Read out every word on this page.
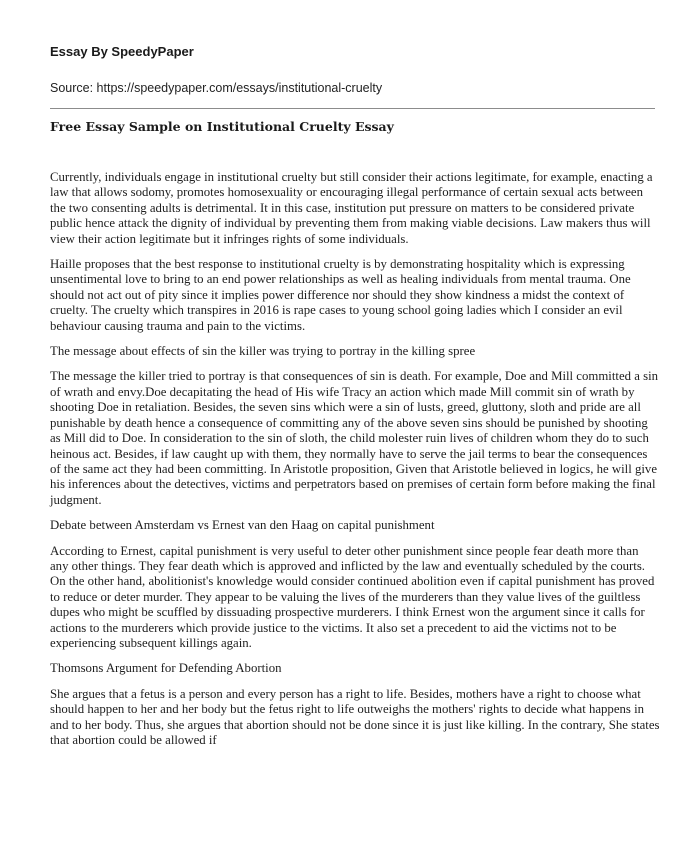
Essay By SpeedyPaper

Source: https://speedypaper.com/essays/institutional-cruelty

Free Essay Sample on Institutional Cruelty Essay

Currently, individuals engage in institutional cruelty but still consider their actions legitimate, for example, enacting a law that allows sodomy, promotes homosexuality or encouraging illegal performance of certain sexual acts between the two consenting adults is detrimental. It in this case, institution put pressure on matters to be considered private public hence attack the dignity of individual by preventing them from making viable decisions. Law makers thus will view their action legitimate but it infringes rights of some individuals.

Haille proposes that the best response to institutional cruelty is by demonstrating hospitality which is expressing unsentimental love to bring to an end power relationships as well as healing individuals from mental trauma. One should not act out of pity since it implies power difference nor should they show kindness a midst the context of cruelty. The cruelty which transpires in 2016 is rape cases to young school going ladies which I consider an evil behaviour causing trauma and pain to the victims.

The message about effects of sin the killer was trying to portray in the killing spree

The message the killer tried to portray is that consequences of sin is death. For example, Doe and Mill committed a sin of wrath and envy.Doe decapitating the head of His wife Tracy an action which made Mill commit sin of wrath by shooting Doe in retaliation. Besides, the seven sins which were a sin of lusts, greed, gluttony, sloth and pride are all punishable by death hence a consequence of committing any of the above seven sins should be punished by shooting as Mill did to Doe. In consideration to the sin of sloth, the child molester ruin lives of children whom they do to such heinous act. Besides, if law caught up with them, they normally have to serve the jail terms to bear the consequences of the same act they had been committing. In Aristotle proposition, Given that Aristotle believed in logics, he will give his inferences about the detectives, victims and perpetrators based on premises of certain form before making the final judgment.

Debate between Amsterdam vs Ernest van den Haag on capital punishment

According to Ernest, capital punishment is very useful to deter other punishment since people fear death more than any other things. They fear death which is approved and inflicted by the law and eventually scheduled by the courts. On the other hand, abolitionist's knowledge would consider continued abolition even if capital punishment has proved to reduce or deter murder. They appear to be valuing the lives of the murderers than they value lives of the guiltless dupes who might be scuffled by dissuading prospective murderers. I think Ernest won the argument since it calls for actions to the murderers which provide justice to the victims. It also set a precedent to aid the victims not to be experiencing subsequent killings again.

Thomsons Argument for Defending Abortion

She argues that a fetus is a person and every person has a right to life. Besides, mothers have a right to choose what should happen to her and her body but the fetus right to life outweighs the mothers' rights to decide what happens in and to her body. Thus, she argues that abortion should not be done since it is just like killing. In the contrary, She states that abortion could be allowed if
